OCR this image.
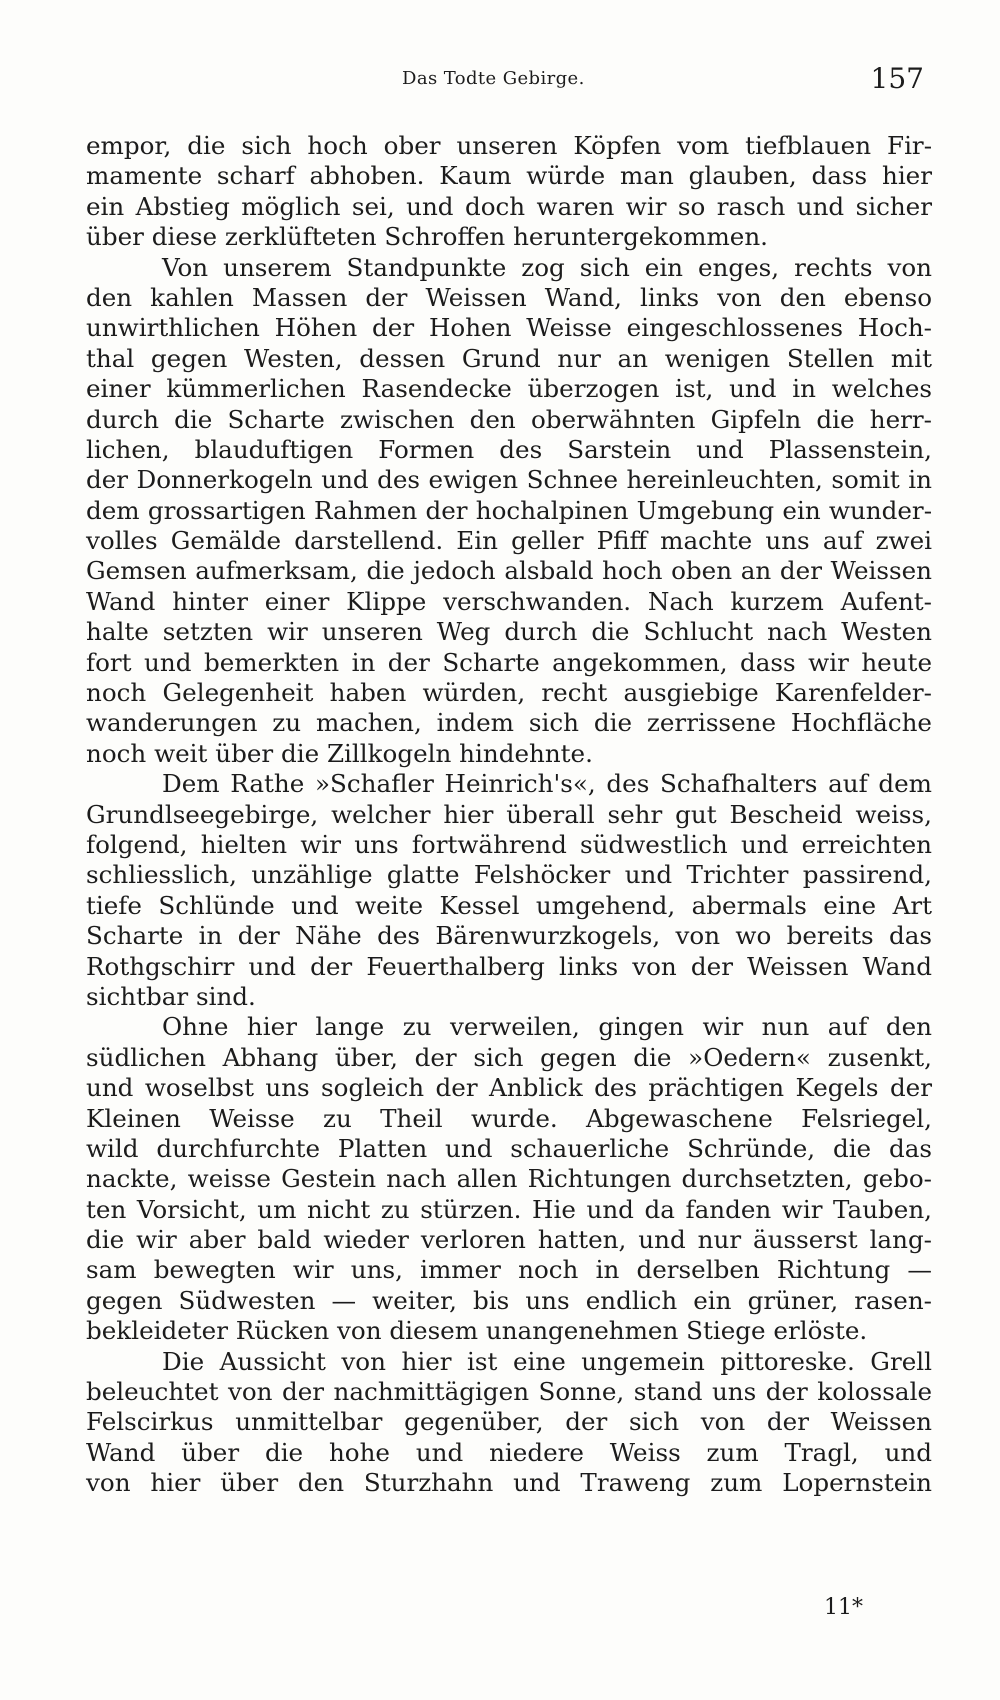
Das Todte Gebirge.	157
empor, die sich hoch ober unseren Köpfen vom tiefblauen Fir-
mamente scharf abhoben. Kaum würde man glauben, dass hier
ein Abstieg möglich sei, und doch waren wir so rasch und sicher
über diese zerklüfteten Schroffen heruntergekommen.
Von unserem Standpunkte zog sich ein enges, rechts von
den kahlen Massen der Weissen Wand, links von den ebenso
unwirthlichen Höhen der Hohen Weisse eingeschlossenes Hoch-
thal gegen Westen, dessen Grund nur an wenigen Stellen mit
einer kümmerlichen Rasendecke überzogen ist, und in welches
durch die Scharte zwischen den oberwähnten Gipfeln die herr-
lichen, blauduftigen Formen des Sarstein und Plassenstein,
der Donnerkogeln und des ewigen Schnee hereinleuchten, somit in
dem grossartigen Rahmen der hochalpinen Umgebung ein wunder-
volles Gemälde darstellend. Ein geller Pfiff machte uns auf zwei
Gemsen aufmerksam, die jedoch alsbald hoch oben an der Weissen
Wand hinter einer Klippe verschwanden. Nach kurzem Aufent-
halte setzten wir unseren Weg durch die Schlucht nach Westen
fort und bemerkten in der Scharte angekommen, dass wir heute
noch Gelegenheit haben würden, recht ausgiebige Karenfelder-
wanderungen zu machen, indem sich die zerrissene Hochfläche
noch weit über die Zillkogeln hindehnte.
Dem Rathe »Schafler Heinrich's«, des Schafhalters auf dem
Grundlseegebirge, welcher hier überall sehr gut Bescheid weiss,
folgend, hielten wir uns fortwährend südwestlich und erreichten
schliesslich, unzählige glatte Felshöcker und Trichter passirend,
tiefe Schlünde und weite Kessel umgehend, abermals eine Art
Scharte in der Nähe des Bärenwurzkogels, von wo bereits das
Rothgschirr und der Feuerthalberg links von der Weissen Wand
sichtbar sind.
Ohne hier lange zu verweilen, gingen wir nun auf den
südlichen Abhang über, der sich gegen die »Oedern« zusenkt,
und woselbst uns sogleich der Anblick des prächtigen Kegels der
Kleinen Weisse zu Theil wurde. Abgewaschene Felsriegel,
wild durchfurchte Platten und schauerliche Schründe, die das
nackte, weisse Gestein nach allen Richtungen durchsetzten, gebo-
ten Vorsicht, um nicht zu stürzen. Hie und da fanden wir Tauben,
die wir aber bald wieder verloren hatten, und nur äusserst lang-
sam bewegten wir uns, immer noch in derselben Richtung —
gegen Südwesten — weiter, bis uns endlich ein grüner, rasen-
bekleideter Rücken von diesem unangenehmen Stiege erlöste.
Die Aussicht von hier ist eine ungemein pittoreske. Grell
beleuchtet von der nachmittägigen Sonne, stand uns der kolossale
Felscirkus unmittelbar gegenüber, der sich von der Weissen
Wand über die hohe und niedere Weiss zum Tragl, und
von hier über den Sturzhahn und Traweng zum Lopernstein
11*
